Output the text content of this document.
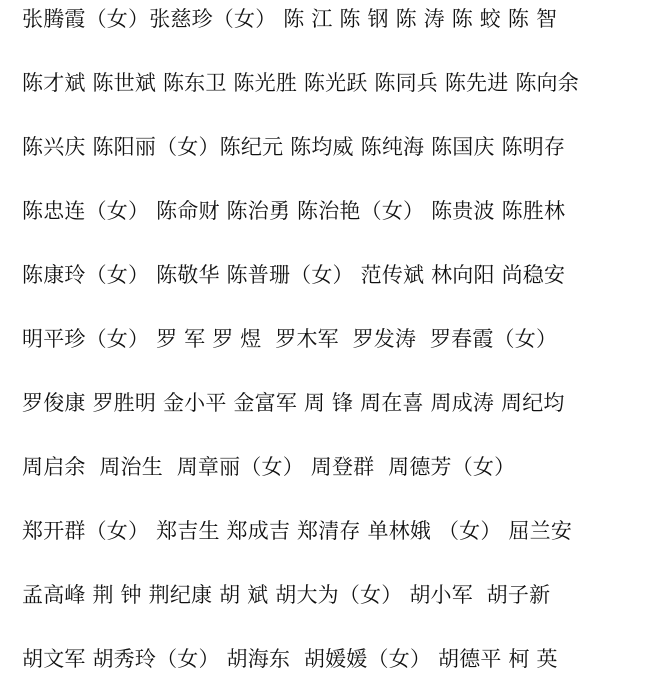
张腾霞（女）张慈珍（女） 陈 江 陈 钢 陈 涛 陈 蛟 陈 智
陈才斌 陈世斌 陈东卫 陈光胜 陈光跃 陈同兵 陈先进 陈向余
陈兴庆 陈阳丽（女）陈纪元 陈均威 陈纯海 陈国庆 陈明存
陈忠连（女） 陈命财 陈治勇 陈治艳（女） 陈贵波 陈胜林
陈康玲（女） 陈敬华 陈普珊（女） 范传斌 林向阳 尚稳安
明平珍（女） 罗 军 罗 煜  罗木军  罗发涛  罗春霞（女）
罗俊康 罗胜明 金小平 金富军 周 锋 周在喜 周成涛 周纪均
周启余  周治生  周章丽（女） 周登群  周德芳（女）
郑开群（女） 郑吉生 郑成吉 郑清存 单林娥 （女） 屈兰安
孟高峰 荆 钟 荆纪康 胡 斌 胡大为（女） 胡小军  胡子新
胡文军 胡秀玲（女） 胡海东  胡媛媛（女） 胡德平 柯 英
